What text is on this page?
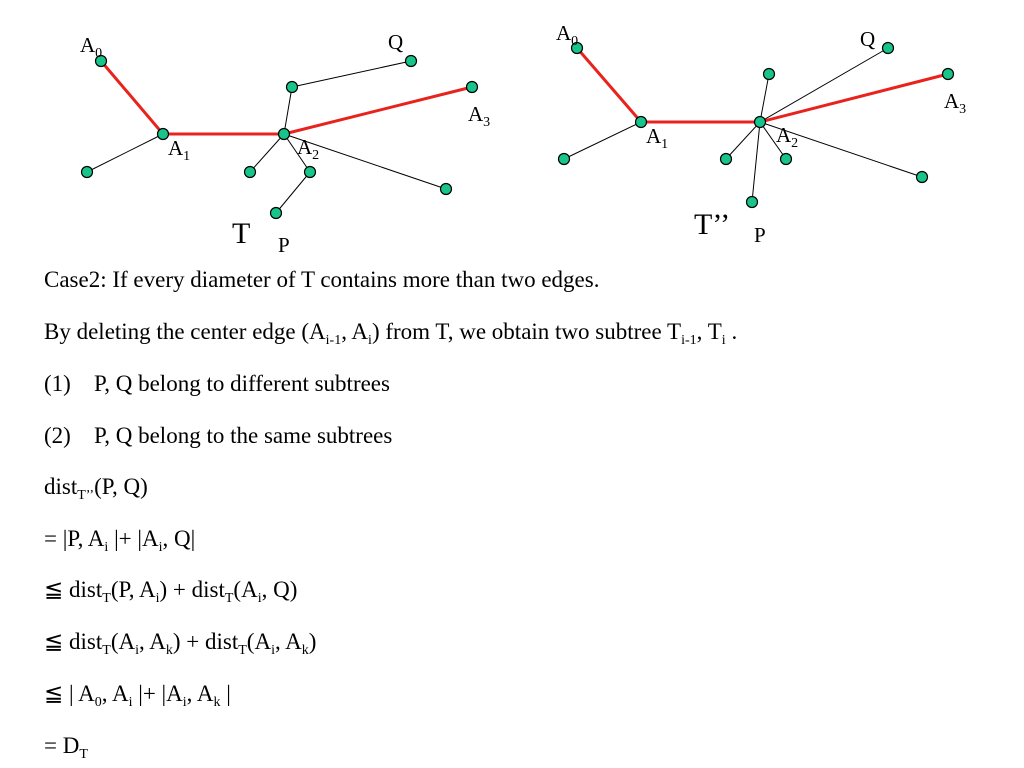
$A_0$
$A_1$	$A_2$
$A_3$
Q
P
T
$A_0$
$A_1$	$A_2$
$A_3$
Q
P
T’’
Case2: If every diameter of T contains more than two edges.
By deleting the center edge ($A_{i-1}$, $A_i$) from T, we obtain two subtree $T_{i-1}$, $T_i$ .
(1) P, Q belong to different subtrees
(2) P, Q belong to the same subtrees
dist$_{T’’}$(P, Q)
= |P, $A_i$ |+ $|A_i$, Q|
≦ dist$_T$(P, $A_i$) + $dist_T(A_i$, Q)
≦ $dist_T(A_i$, $A_k$) + $dist_T(A_i$, $A_k$)
≦ | $A_0$, $A_i$ |+ $|A_i$, $A_k$ |
= $D_T$
